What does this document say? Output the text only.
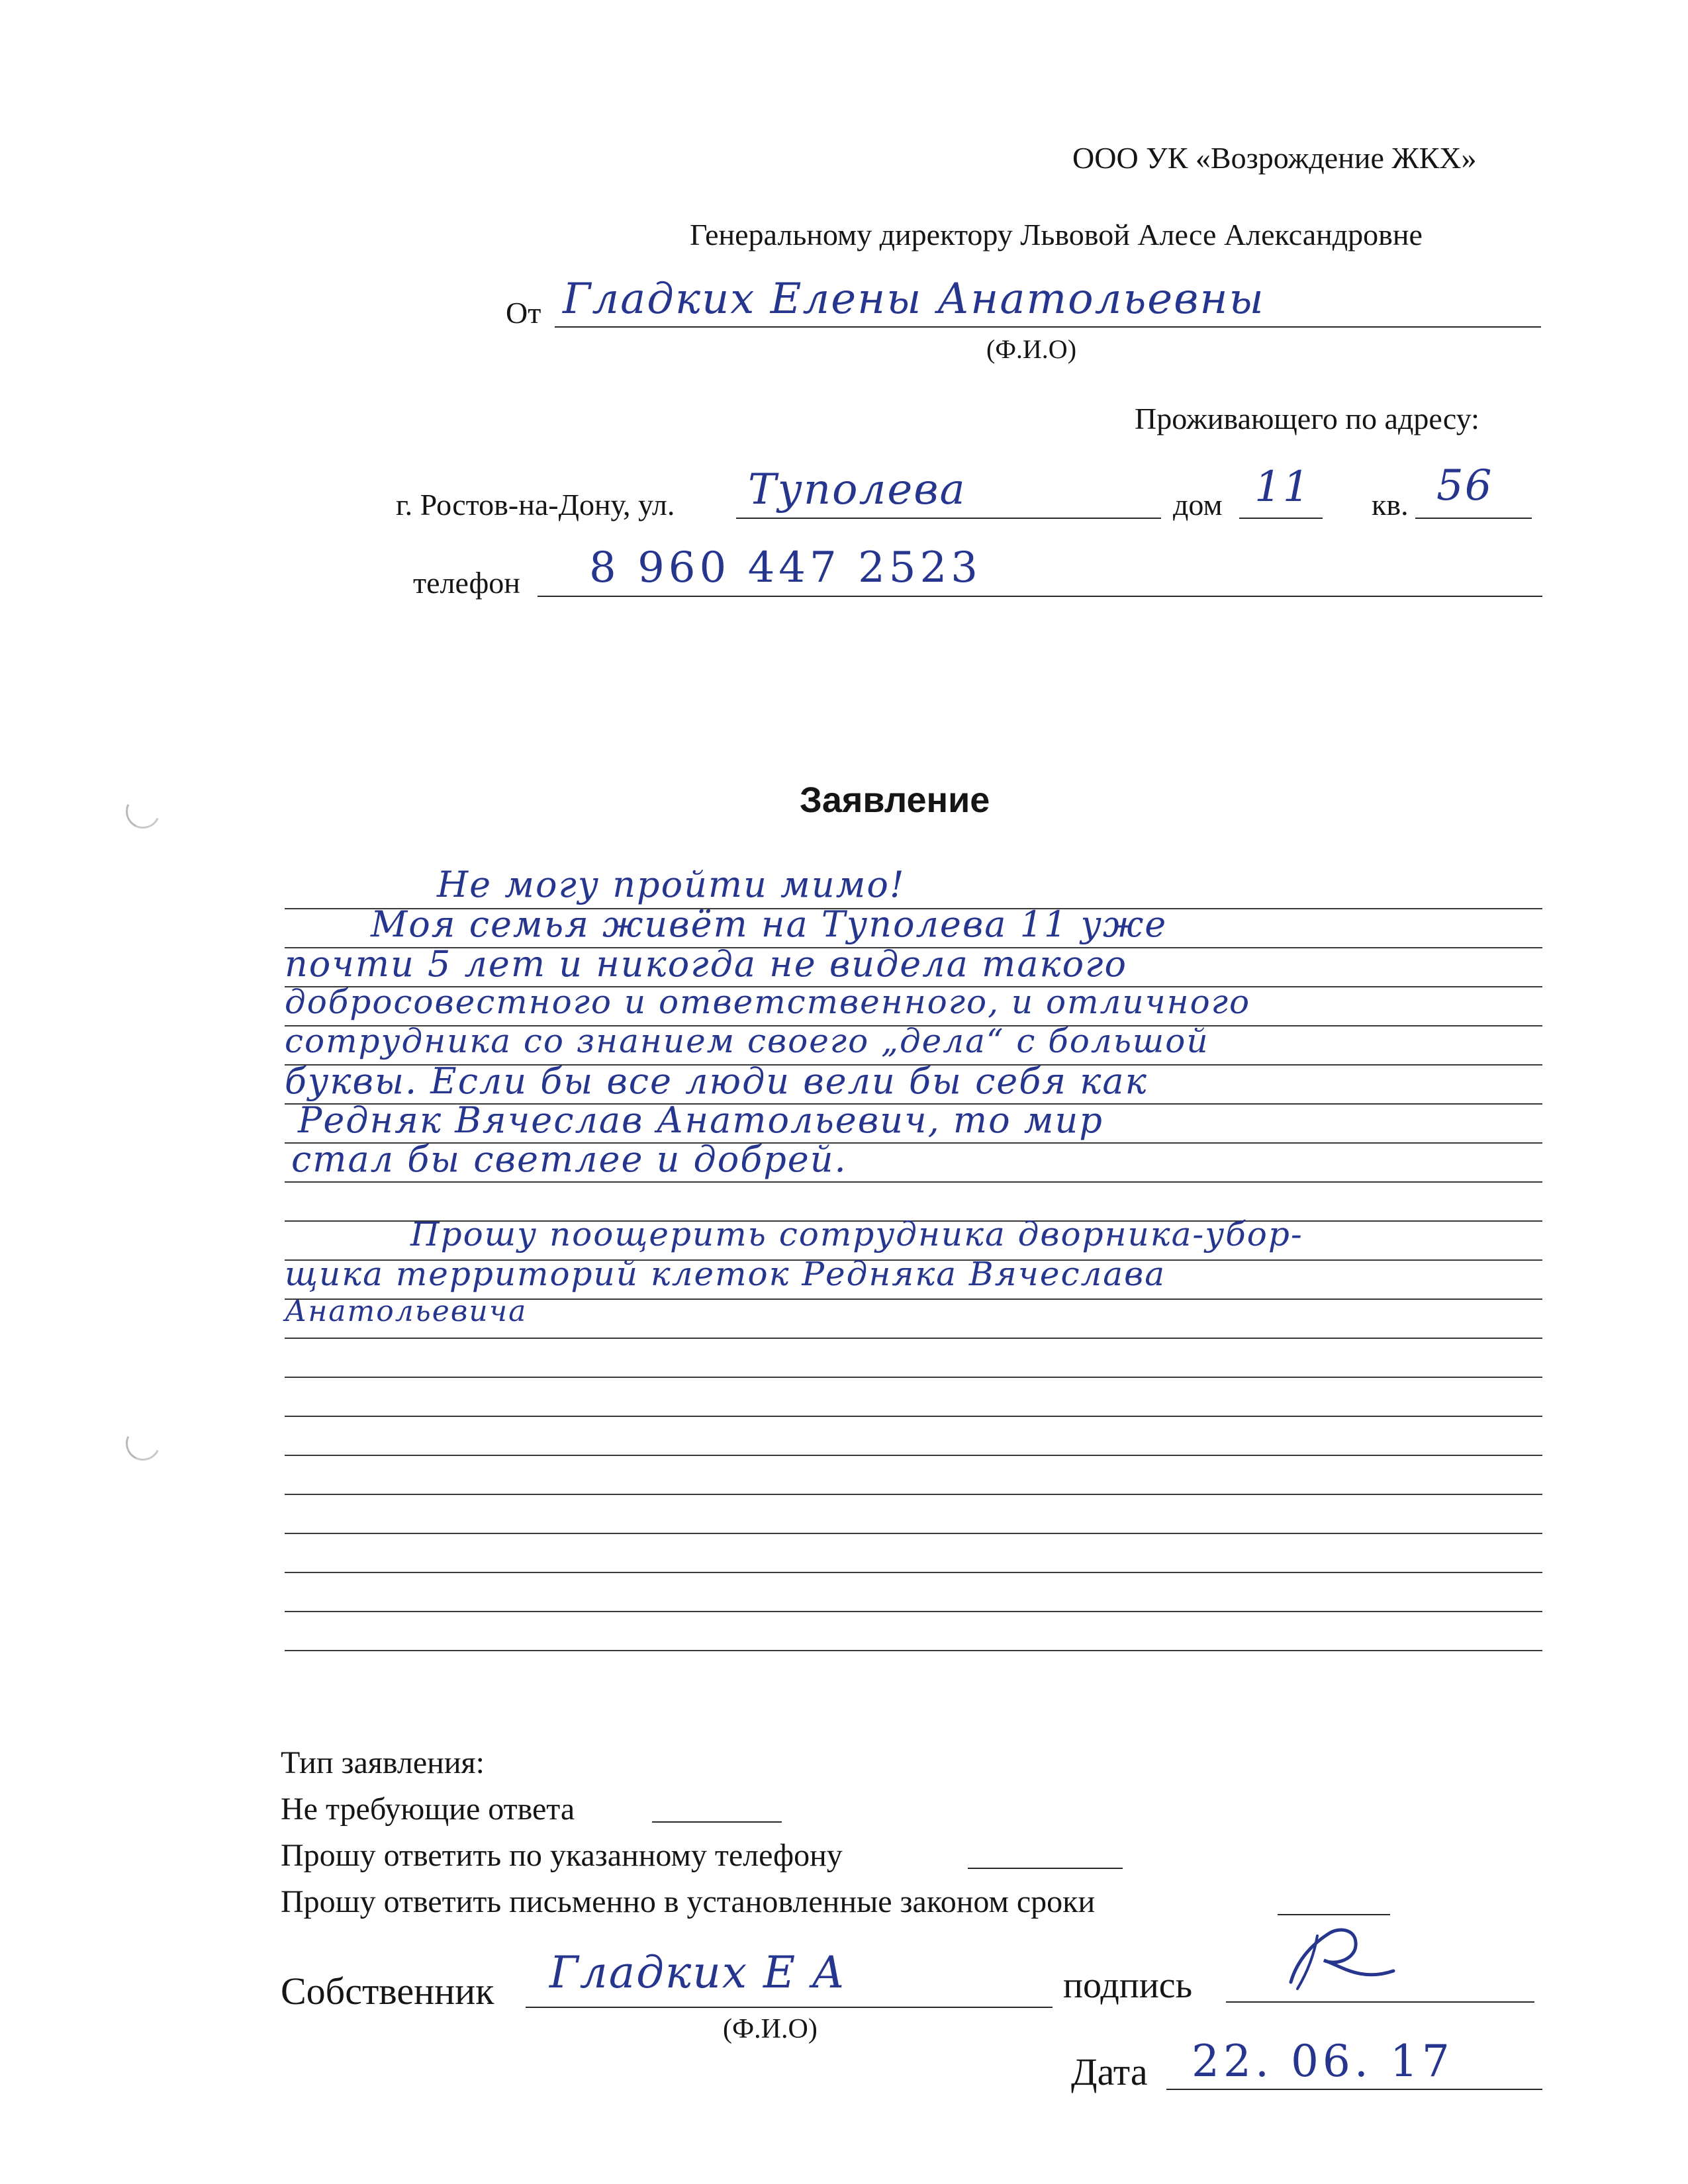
ООО УК «Возрождение ЖКХ»
Генеральному директору Львовой Алесе Александровне
От Гладких Елены Анатольевны
(Ф.И.О)
Проживающего по адресу:
г. Ростов-на-Дону, ул. Туполева	дом 11 кв. 56
телефон 8 960 447 2523
Заявление
Не могу пройти мимо!
Моя семья живёт на Туполева 11 уже
почти 5 лет и никогда не видела такого
добросовестного и ответственного, и отличного
сотрудника со знанием своего „дела“ с большой
буквы. Если бы все люди вели бы себя как
Редняк Вячеслав Анатольевич, то мир
стал бы светлее и добрей.
Прошу поощерить сотрудника дворника-убор-
щика территорий клеток Редняка Вячеслава
Анатольевича
Тип заявления:
Не требующие ответа
Прошу ответить по указанному телефону
Прошу ответить письменно в установленные законом сроки
Собственник Гладких Е А
(Ф.И.О)
подпись
Дата 22. 06. 17
